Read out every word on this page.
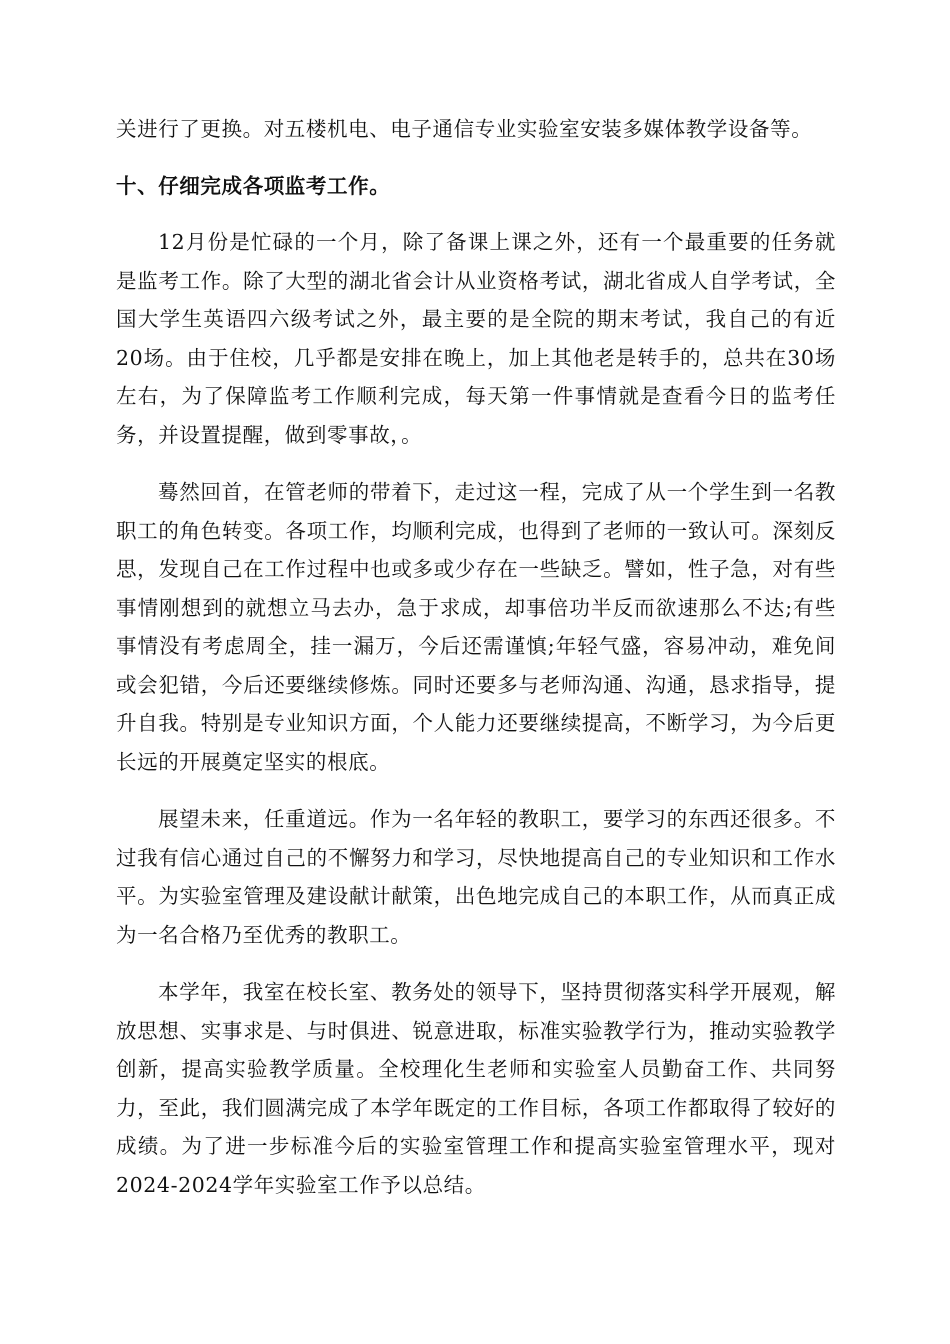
关进行了更换。对五楼机电、电子通信专业实验室安装多媒体教学设备等。

十、仔细完成各项监考工作。

12月份是忙碌的一个月，除了备课上课之外，还有一个最重要的任务就是监考工作。除了大型的湖北省会计从业资格考试，湖北省成人自学考试，全国大学生英语四六级考试之外，最主要的是全院的期末考试，我自己的有近20场。由于住校，几乎都是安排在晚上，加上其他老是转手的，总共在30场左右，为了保障监考工作顺利完成，每天第一件事情就是查看今日的监考任务，并设置提醒，做到零事故，。

蓦然回首，在管老师的带着下，走过这一程，完成了从一个学生到一名教职工的角色转变。各项工作，均顺利完成，也得到了老师的一致认可。深刻反思，发现自己在工作过程中也或多或少存在一些缺乏。譬如，性子急，对有些事情刚想到的就想立马去办，急于求成，却事倍功半反而欲速那么不达;有些事情没有考虑周全，挂一漏万，今后还需谨慎;年轻气盛，容易冲动，难免间或会犯错，今后还要继续修炼。同时还要多与老师沟通、沟通，恳求指导，提升自我。特别是专业知识方面，个人能力还要继续提高，不断学习，为今后更长远的开展奠定坚实的根底。

展望未来，任重道远。作为一名年轻的教职工，要学习的东西还很多。不过我有信心通过自己的不懈努力和学习，尽快地提高自己的专业知识和工作水平。为实验室管理及建设献计献策，出色地完成自己的本职工作，从而真正成为一名合格乃至优秀的教职工。

本学年，我室在校长室、教务处的领导下，坚持贯彻落实科学开展观，解放思想、实事求是、与时俱进、锐意进取，标准实验教学行为，推动实验教学创新，提高实验教学质量。全校理化生老师和实验室人员勤奋工作、共同努力，至此，我们圆满完成了本学年既定的工作目标，各项工作都取得了较好的成绩。为了进一步标准今后的实验室管理工作和提高实验室管理水平，现对2024-2024学年实验室工作予以总结。
